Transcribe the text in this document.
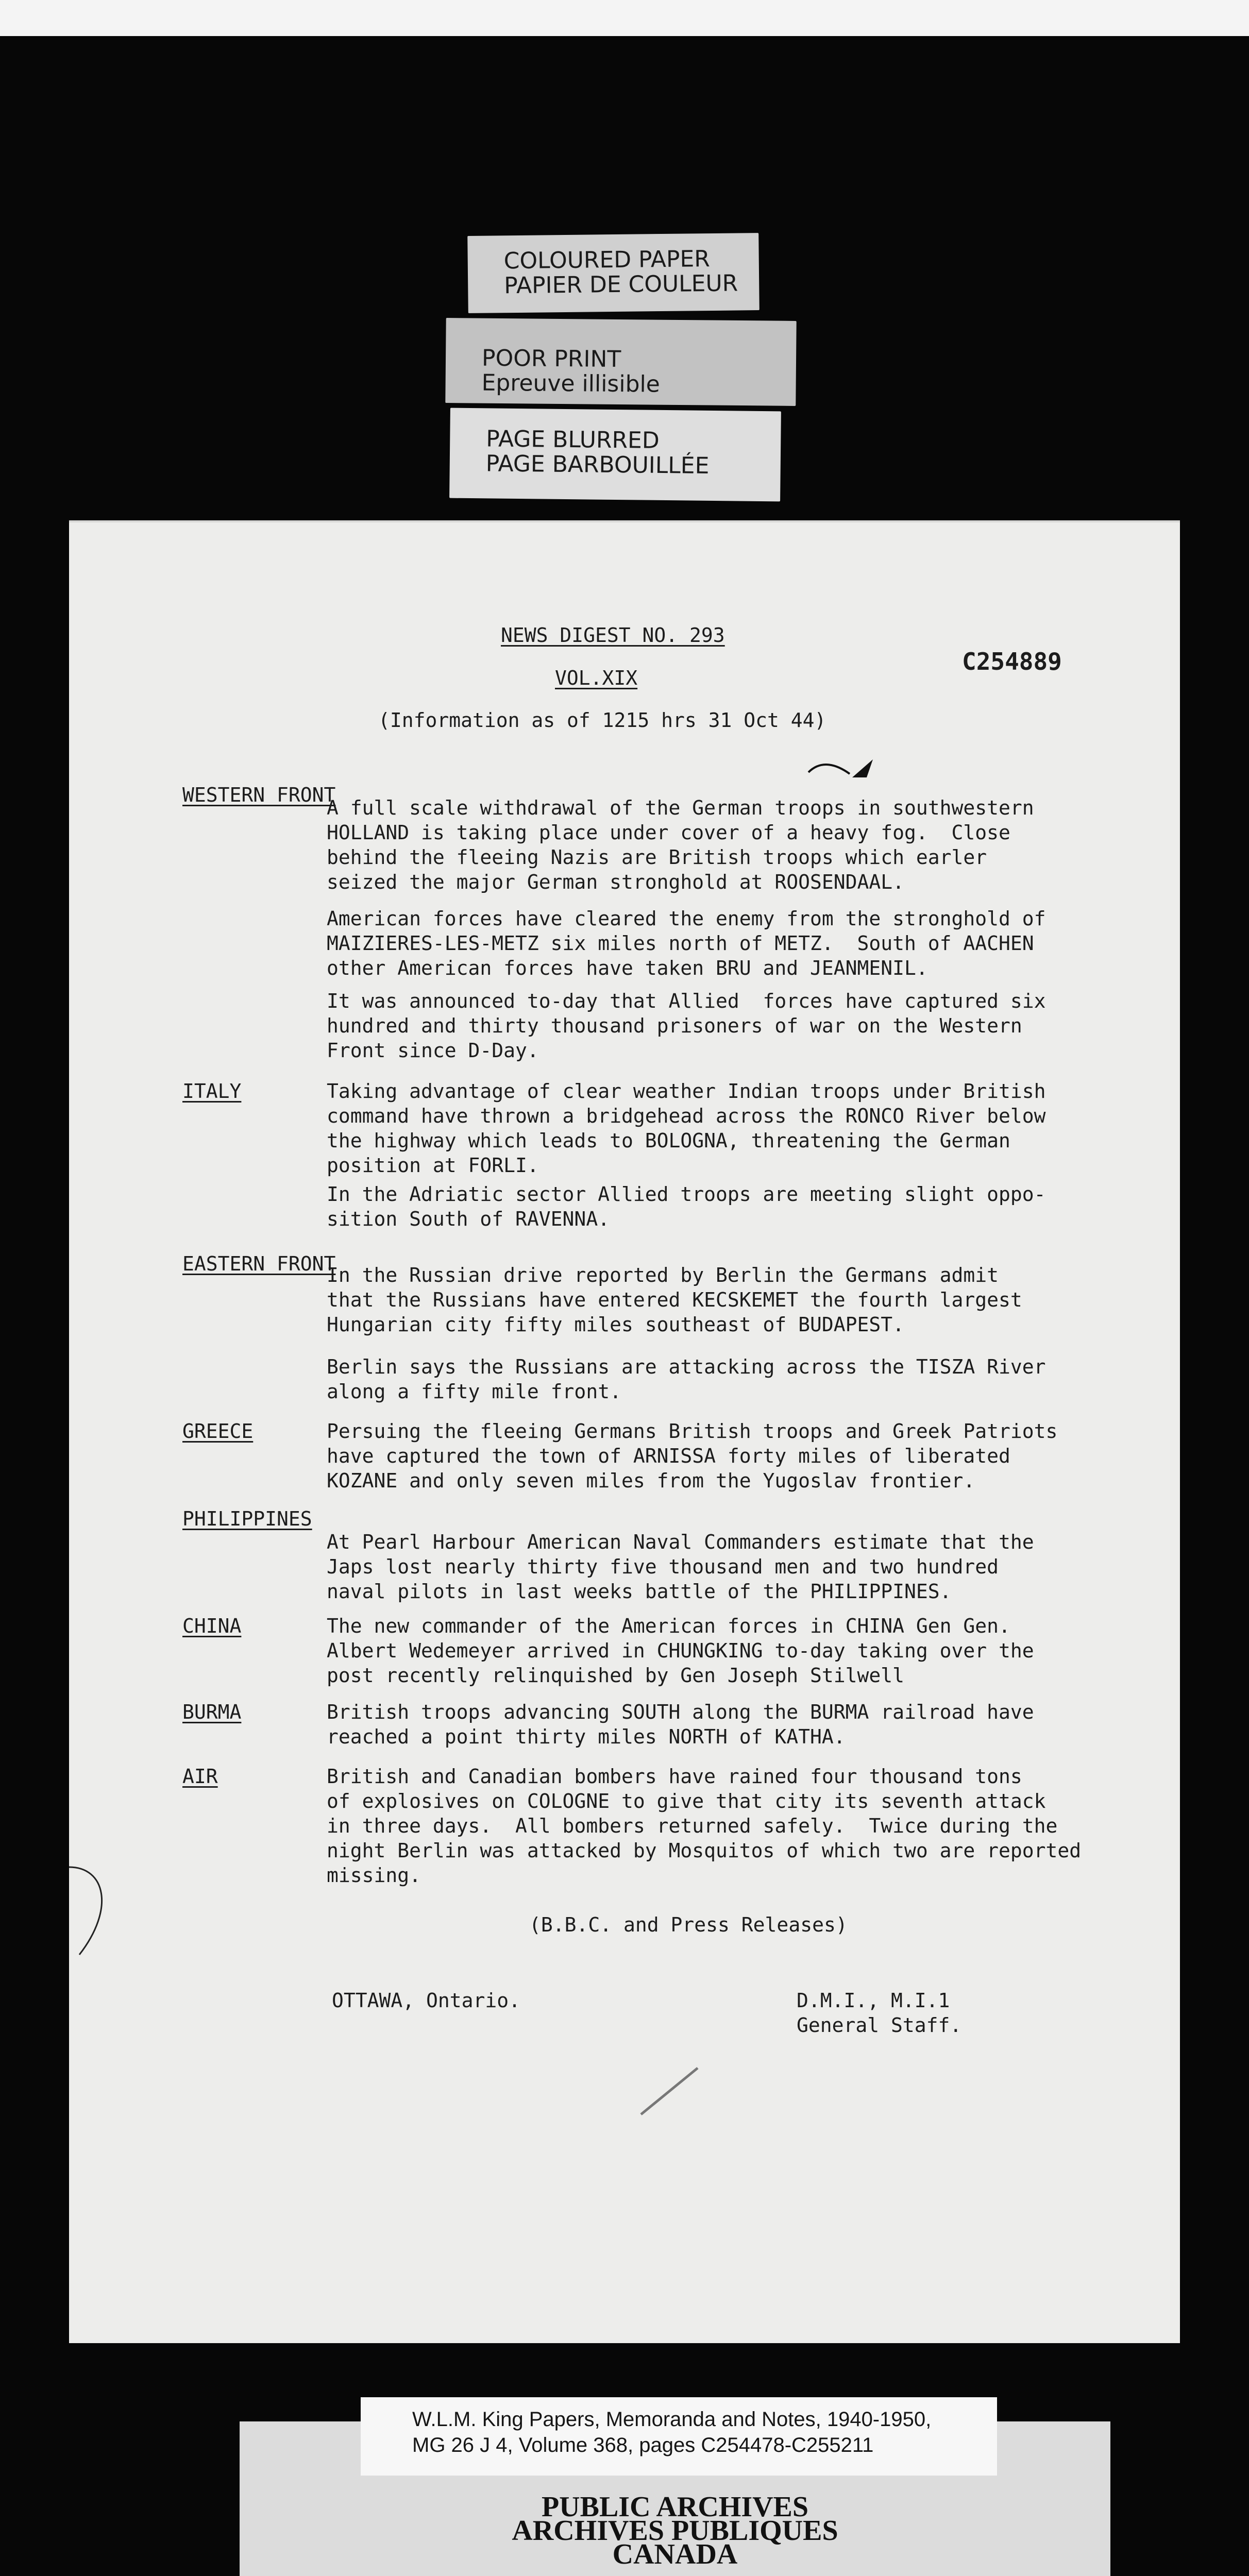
COLOURED PAPER
PAPIER DE COULEUR
POOR PRINT
Epreuve illisible
PAGE BLURRED
PAGE BARBOUILLÉE
NEWS DIGEST NO. 293
VOL.XIX
C254889
(Information as of 1215 hrs 31 Oct 44)
WESTERN FRONT
A full scale withdrawal of the German troops in southwestern
HOLLAND is taking place under cover of a heavy fog.  Close
behind the fleeing Nazis are British troops which earler
seized the major German stronghold at ROOSENDAAL.
American forces have cleared the enemy from the stronghold of
MAIZIERES-LES-METZ six miles north of METZ.  South of AACHEN
other American forces have taken BRU and JEANMENIL.
It was announced to-day that Allied  forces have captured six
hundred and thirty thousand prisoners of war on the Western
Front since D-Day.
ITALY	Taking advantage of clear weather Indian troops under British
command have thrown a bridgehead across the RONCO River below
the highway which leads to BOLOGNA, threatening the German
position at FORLI.
In the Adriatic sector Allied troops are meeting slight oppo-
sition South of RAVENNA.
EASTERN FRONT
In the Russian drive reported by Berlin the Germans admit
that the Russians have entered KECSKEMET the fourth largest
Hungarian city fifty miles southeast of BUDAPEST.
Berlin says the Russians are attacking across the TISZA River
along a fifty mile front.
GREECE	Persuing the fleeing Germans British troops and Greek Patriots
have captured the town of ARNISSA forty miles of liberated
KOZANE and only seven miles from the Yugoslav frontier.
PHILIPPINES
At Pearl Harbour American Naval Commanders estimate that the
Japs lost nearly thirty five thousand men and two hundred
naval pilots in last weeks battle of the PHILIPPINES.
CHINA	The new commander of the American forces in CHINA Gen Gen.
Albert Wedemeyer arrived in CHUNGKING to-day taking over the
post recently relinquished by Gen Joseph Stilwell
BURMA	British troops advancing SOUTH along the BURMA railroad have
reached a point thirty miles NORTH of KATHA.
AIR	British and Canadian bombers have rained four thousand tons
of explosives on COLOGNE to give that city its seventh attack
in three days.  All bombers returned safely.  Twice during the
night Berlin was attacked by Mosquitos of which two are reported
missing.
(B.B.C. and Press Releases)
OTTAWA, Ontario.	D.M.I., M.I.1
General Staff.
W.L.M. King Papers, Memoranda and Notes, 1940-1950,
MG 26 J 4, Volume 368, pages C254478-C255211
PUBLIC ARCHIVES
ARCHIVES PUBLIQUES
CANADA
